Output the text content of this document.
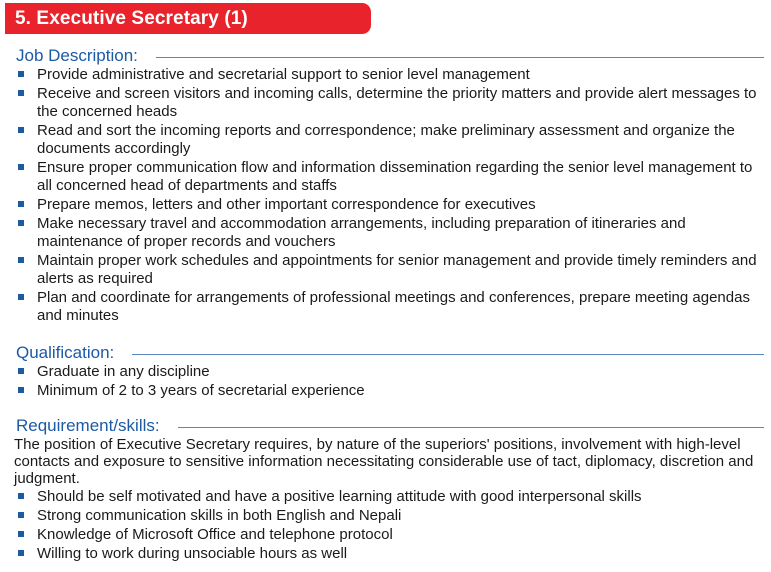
5. Executive Secretary (1)
Job Description:
Provide administrative and secretarial support to senior level management
Receive and screen visitors and incoming calls, determine the priority matters and provide alert messages to the concerned heads
Read and sort the incoming reports and correspondence; make preliminary assessment and organize the documents accordingly
Ensure proper communication flow and information dissemination regarding the senior level management to all concerned head of departments and staffs
Prepare memos, letters and other important correspondence for executives
Make necessary travel and accommodation arrangements, including preparation of itineraries and maintenance of proper records and vouchers
Maintain proper work schedules and appointments for senior management and provide timely reminders and alerts as required
Plan and coordinate for arrangements of professional meetings and conferences, prepare meeting agendas and minutes
Qualification:
Graduate in any discipline
Minimum of 2 to 3 years of secretarial experience
Requirement/skills:

The position of Executive Secretary requires, by nature of the superiors' positions, involvement with high-level contacts and exposure to sensitive information necessitating considerable use of tact, diplomacy, discretion and judgment.

Should be self motivated and have a positive learning attitude with good interpersonal skills
Strong communication skills in both English and Nepali
Knowledge of Microsoft Office and telephone protocol
Willing to work during unsociable hours as well
